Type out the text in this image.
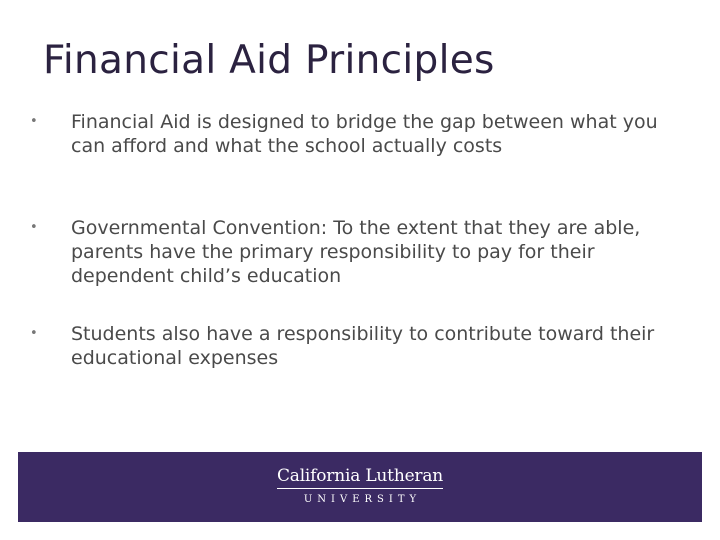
Financial Aid Principles
• Financial Aid is designed to bridge the gap between what you can afford and what the school actually costs
• Governmental Convention: To the extent that they are able, parents have the primary responsibility to pay for their dependent child’s education
• Students also have a responsibility to contribute toward their educational expenses
California Lutheran
UNIVERSITY
